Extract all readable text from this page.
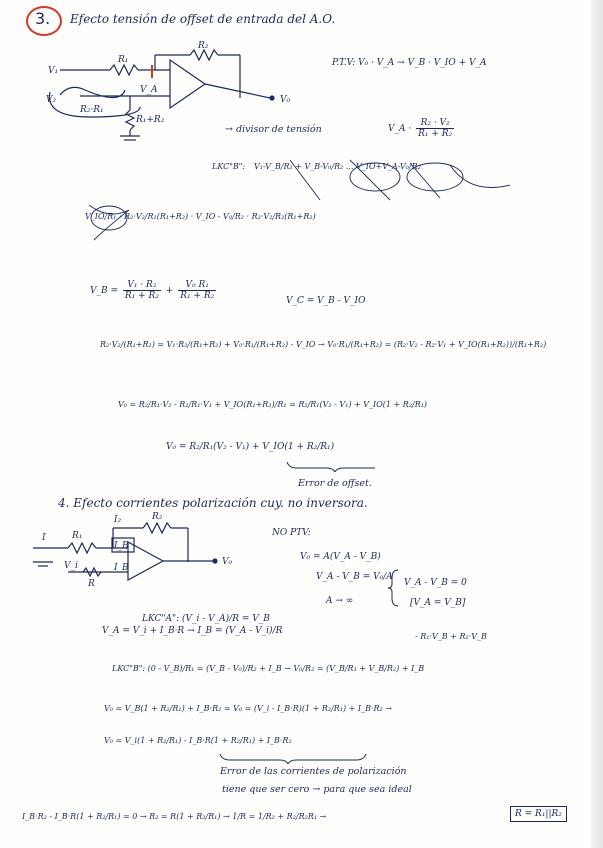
3. Efecto tensión de offset de entrada del A.O.
V₁
R₁
R₂
V_A
V₂
R₂·R₁
R₁+R₂
V₀
P.T.V: V₀ · V_A → V_B · V_IO + V_A
→ divisor de tensión	V_A · $\frac{\text{R₂ · V₂}}{\text{R₁ + R₂}}$
LKC"B": V₁-V_B/R₁ + V_B-V₀/R₂ ... V_IO+V_A-V₀/R₂
V_IO/R₁ · R₂·V₂/R₁(R₁+R₂) · V_IO - V₀/R₂ · R₂·V₂/R₂(R₁+R₂)
V_B = $\frac{\text{V₁ · R₂}}{\text{R₁ + R₂}} + \frac{\text{V₀ R₁}}{\text{R₁ + R₂}}$	V_C = V_B - V_IO
R₂·V₂/(R₁+R₂) = V₁·R₂/(R₁+R₂) + V₀·R₁/(R₁+R₂) - V_IO → V₀·R₁/(R₁+R₂) = (R₂·V₂ - R₂·V₁ + V_IO(R₁+R₂))/(R₁+R₂)
V₀ = R₂/R₁·V₂ - R₂/R₁·V₁ + V_IO(R₁+R₂)/R₁ = R₂/R₁(V₂ - V₁) + V_IO(1 + R₂/R₁)
V₀ = R₂/R₁(V₂ - V₁) + V_IO(1 + R₂/R₁)
Error de offset.
4. Efecto corrientes polarización cuy. no inversora.
I	R₁
I₂	R₂
I_B
I_B
V_i
R
V₀
NO PTV:
V₀ = A(V_A - V_B)
V_A - V_B = V₀/A
A → ∞
V_A - V_B = 0
[V_A = V_B]
LKC"A": (V_i - V_A)/R = V_B
V_A = V_i + I_B·R → I_B = (V_A - V_i)/R
- R₁·V_B + R₂·V_B
LKC"B": (0 - V_B)/R₁ = (V_B - V₀)/R₂ + I_B → V₀/R₂ = (V_B/R₁ + V_B/R₂) + I_B
V₀ = V_B(1 + R₂/R₁) + I_B·R₂ = V₀ = (V_i - I_B·R)(1 + R₂/R₁) + I_B·R₂ →
V₀ = V_i(1 + R₂/R₁) - I_B·R(1 + R₂/R₁) + I_B·R₂
Error de las corrientes de polarización
tiene que ser cero → para que sea ideal
I_B·R₂ - I_B·R(1 + R₂/R₁) = 0 → R₂ = R(1 + R₂/R₁) → 1/R = 1/R₂ + R₂/R₂R₁ →	R = R₁||R₂
